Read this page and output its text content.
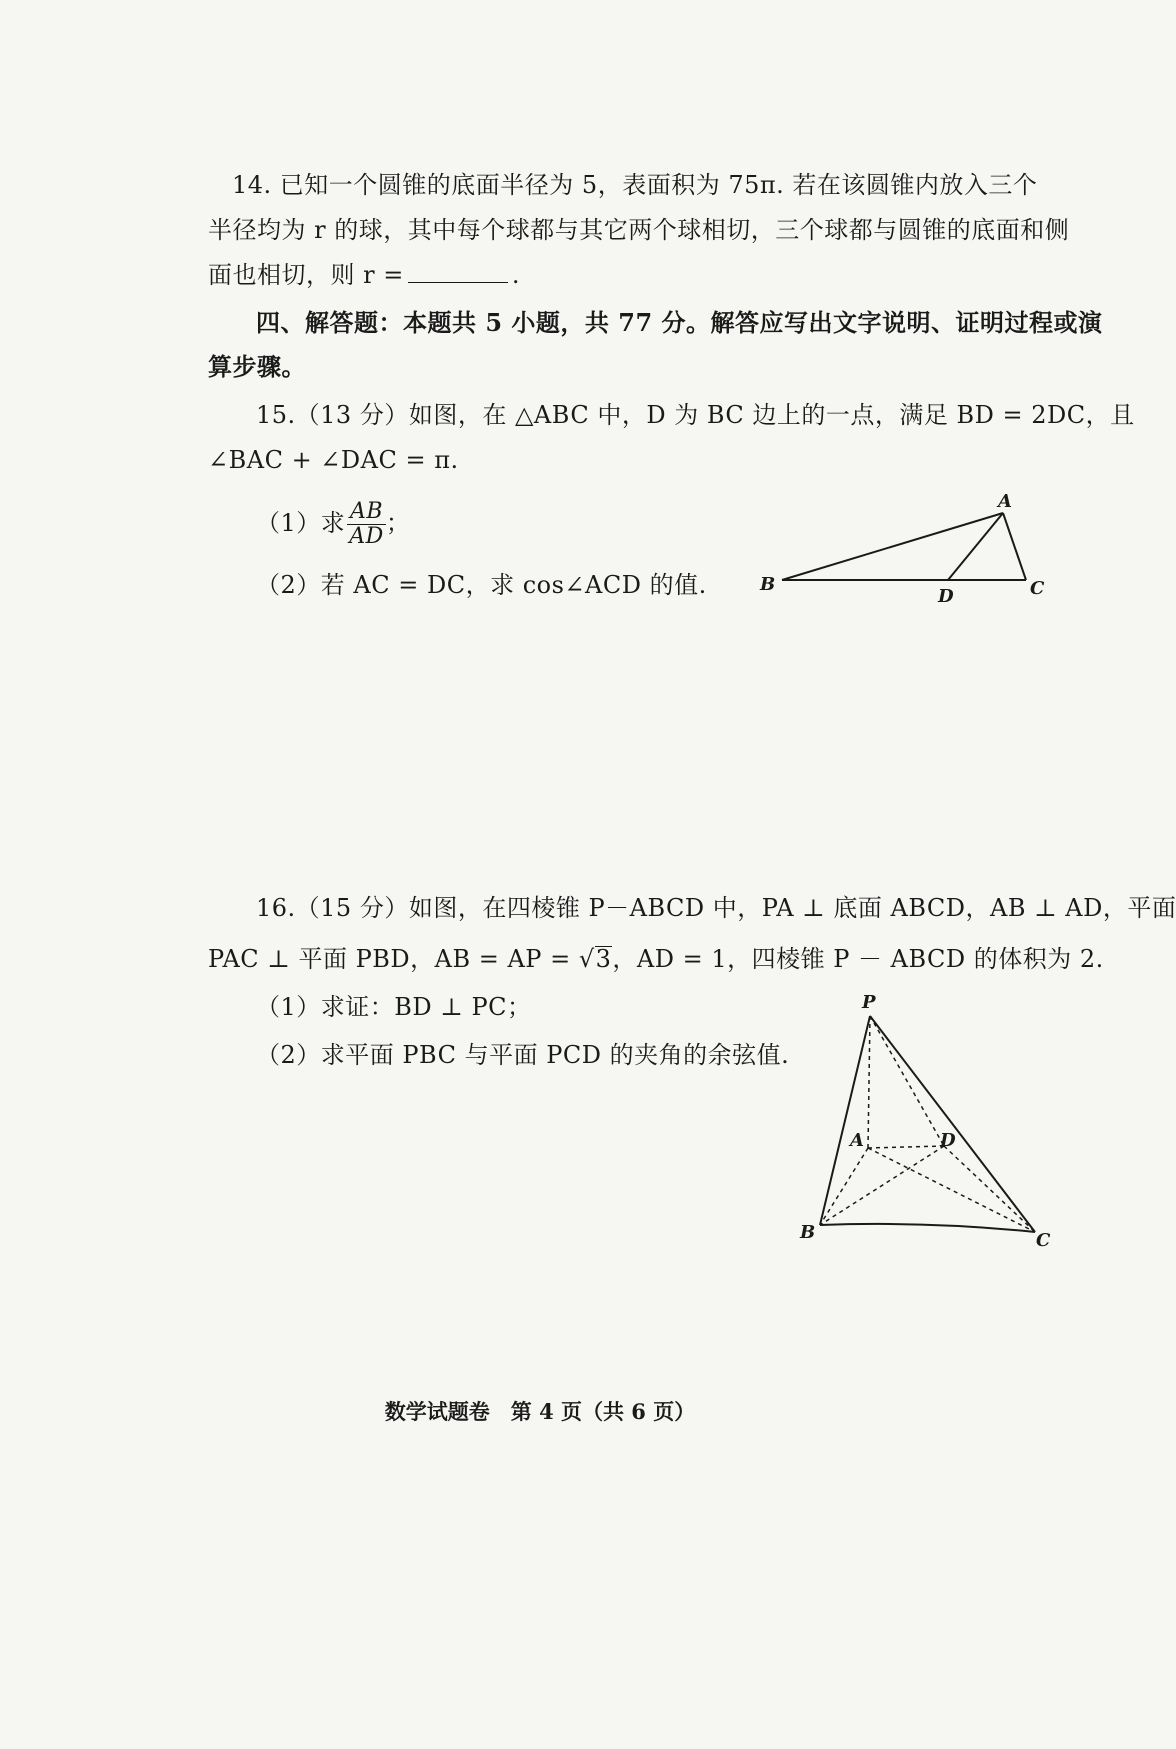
14. 已知一个圆锥的底面半径为 5，表面积为 75π. 若在该圆锥内放入三个
半径均为 r 的球，其中每个球都与其它两个球相切，三个球都与圆锥的底面和侧
面也相切，则 r =	.
四、解答题：本题共 5 小题，共 77 分。解答应写出文字说明、证明过程或演
算步骤。
15.（13 分）如图，在 △ABC 中，D 为 BC 边上的一点，满足 BD = 2DC，且
∠BAC + ∠DAC = π.
（1）求 $\frac{AB}{AD}$ ；
（2）若 AC = DC，求 cos∠ACD 的值.
A
B	C
D
16.（15 分）如图，在四棱锥 P－ABCD 中，PA ⊥ 底面 ABCD，AB ⊥ AD，平面
PAC ⊥ 平面 PBD，AB = AP = √3，AD = 1，四棱锥 P － ABCD 的体积为 2.
（1）求证：BD ⊥ PC；
（2）求平面 PBC 与平面 PCD 的夹角的余弦值.
P
A	D
B	C
数学试题卷　第 4 页（共 6 页）
